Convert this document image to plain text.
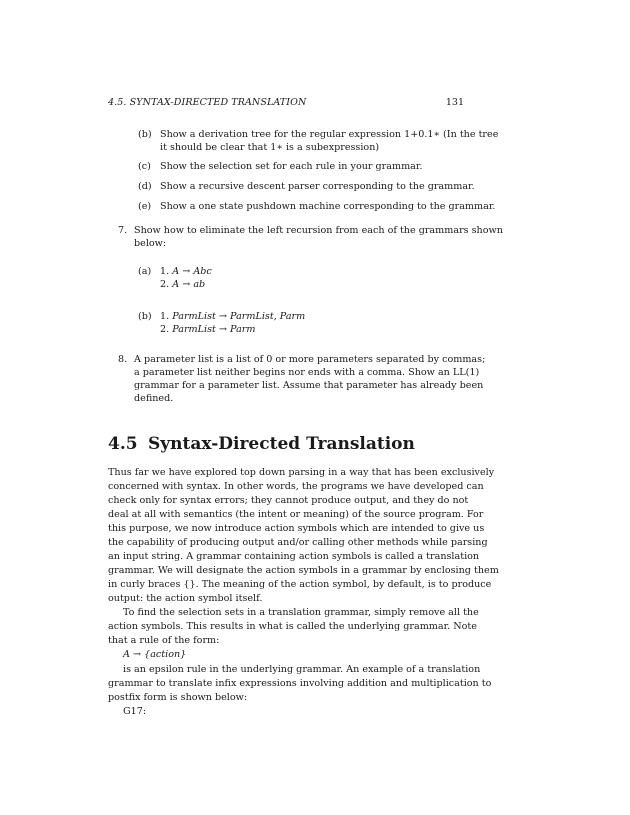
4.5. SYNTAX-DIRECTED TRANSLATION	131
(b) Show a derivation tree for the regular expression 1+0.1∗ (In the tree
it should be clear that 1∗ is a subexpression)
(c) Show the selection set for each rule in your grammar.
(d) Show a recursive descent parser corresponding to the grammar.
(e) Show a one state pushdown machine corresponding to the grammar.
7. Show how to eliminate the left recursion from each of the grammars shown
below:
(a) 1. A → Abc
2. A → ab
(b) 1. ParmList → ParmList, Parm
2. ParmList → Parm
8. A parameter list is a list of 0 or more parameters separated by commas;
a parameter list neither begins nor ends with a comma. Show an LL(1)
grammar for a parameter list. Assume that parameter has already been
defined.
4.5 Syntax-Directed Translation
Thus far we have explored top down parsing in a way that has been exclusively
concerned with syntax. In other words, the programs we have developed can
check only for syntax errors; they cannot produce output, and they do not
deal at all with semantics (the intent or meaning) of the source program. For
this purpose, we now introduce action symbols which are intended to give us
the capability of producing output and/or calling other methods while parsing
an input string. A grammar containing action symbols is called a translation
grammar. We will designate the action symbols in a grammar by enclosing them
in curly braces {}. The meaning of the action symbol, by default, is to produce
output: the action symbol itself.
To find the selection sets in a translation grammar, simply remove all the
action symbols. This results in what is called the underlying grammar. Note
that a rule of the form:
A → {action}
is an epsilon rule in the underlying grammar. An example of a translation
grammar to translate infix expressions involving addition and multiplication to
postfix form is shown below:
G17:
